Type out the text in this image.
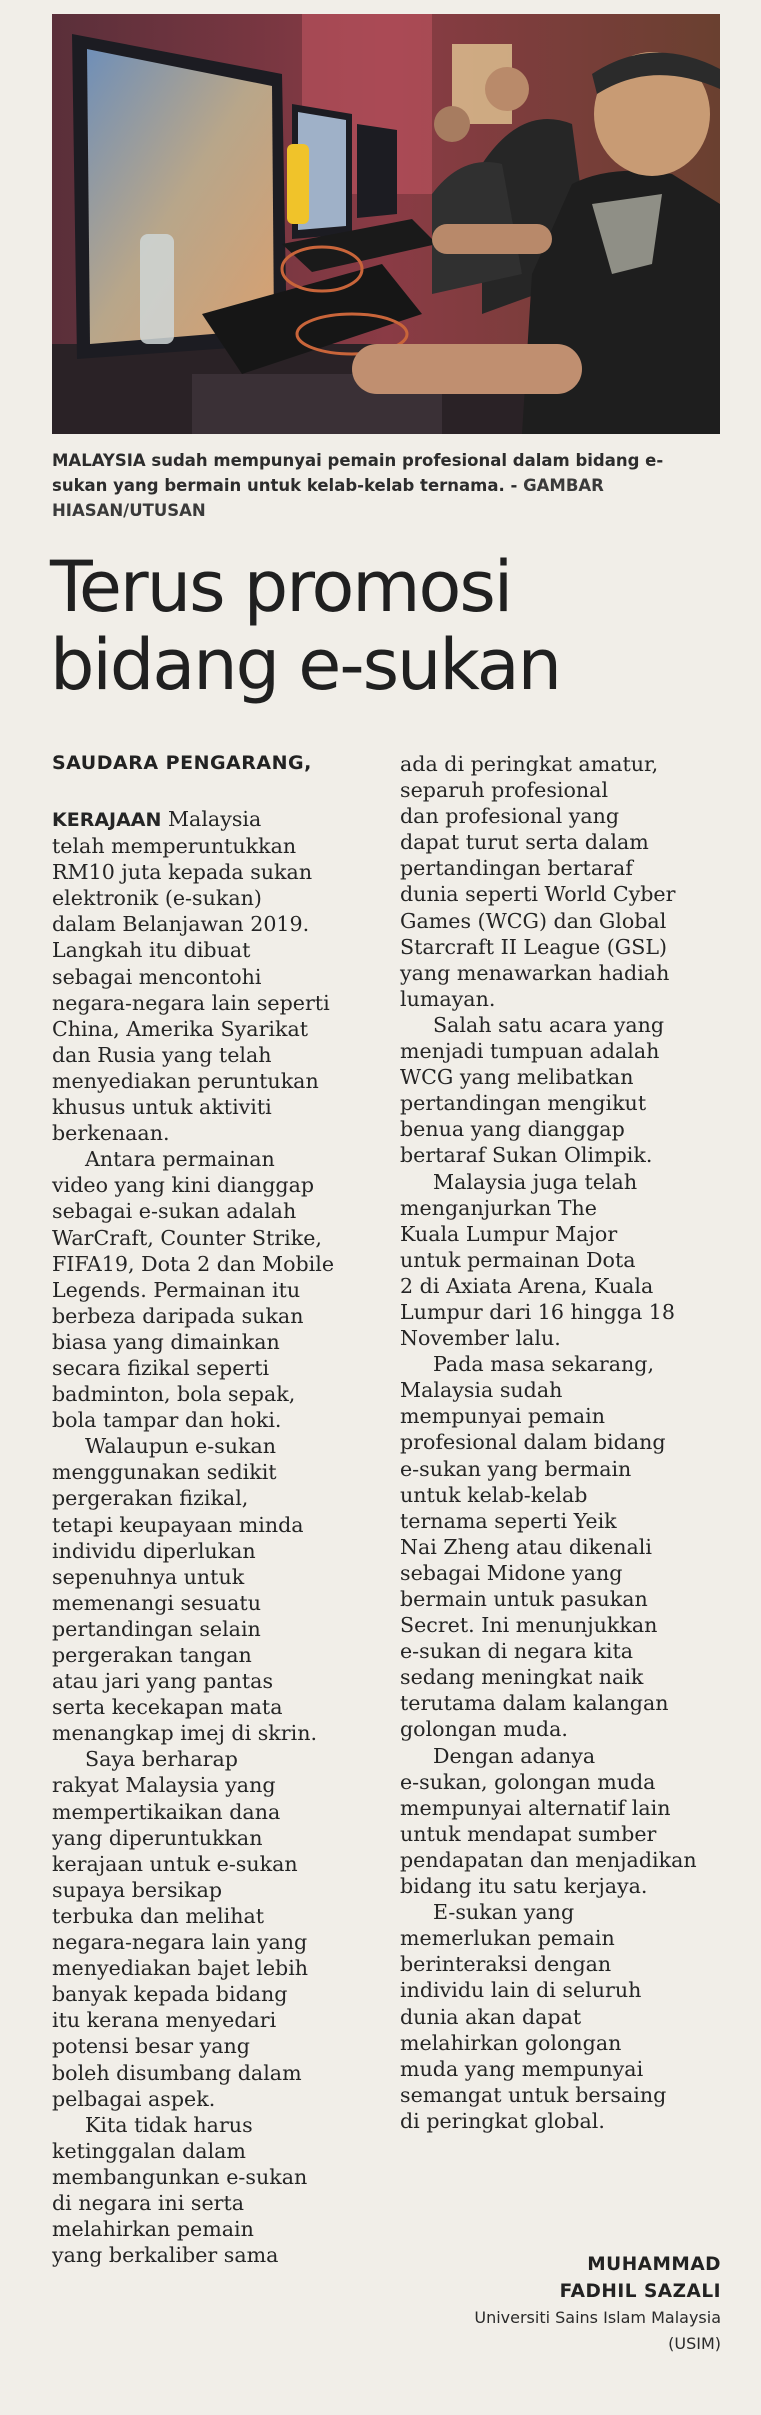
MALAYSIA sudah mempunyai pemain profesional dalam bidang e-sukan yang bermain untuk kelab-kelab ternama. - GAMBAR HIASAN/UTUSAN
Terus promosi
bidang e-sukan
SAUDARA PENGARANG,

KERAJAAN Malaysia
telah memperuntukkan
RM10 juta kepada sukan
elektronik (e-sukan)
dalam Belanjawan 2019.
Langkah itu dibuat
sebagai mencontohi
negara-negara lain seperti
China, Amerika Syarikat
dan Rusia yang telah
menyediakan peruntukan
khusus untuk aktiviti
berkenaan.

Antara permainan
video yang kini dianggap
sebagai e-sukan adalah
WarCraft, Counter Strike,
FIFA19, Dota 2 dan Mobile
Legends. Permainan itu
berbeza daripada sukan
biasa yang dimainkan
secara fizikal seperti
badminton, bola sepak,
bola tampar dan hoki.

Walaupun e-sukan
menggunakan sedikit
pergerakan fizikal,
tetapi keupayaan minda
individu diperlukan
sepenuhnya untuk
memenangi sesuatu
pertandingan selain
pergerakan tangan
atau jari yang pantas
serta kecekapan mata
menangkap imej di skrin.

Saya berharap
rakyat Malaysia yang
mempertikaikan dana
yang diperuntukkan
kerajaan untuk e-sukan
supaya bersikap
terbuka dan melihat
negara-negara lain yang
menyediakan bajet lebih
banyak kepada bidang
itu kerana menyedari
potensi besar yang
boleh disumbang dalam
pelbagai aspek.

Kita tidak harus
ketinggalan dalam
membangunkan e-sukan
di negara ini serta
melahirkan pemain
yang berkaliber sama

ada di peringkat amatur,
separuh profesional
dan profesional yang
dapat turut serta dalam
pertandingan bertaraf
dunia seperti World Cyber
Games (WCG) dan Global
Starcraft II League (GSL)
yang menawarkan hadiah
lumayan.

Salah satu acara yang
menjadi tumpuan adalah
WCG yang melibatkan
pertandingan mengikut
benua yang dianggap
bertaraf Sukan Olimpik.

Malaysia juga telah
menganjurkan The
Kuala Lumpur Major
untuk permainan Dota
2 di Axiata Arena, Kuala
Lumpur dari 16 hingga 18
November lalu.

Pada masa sekarang,
Malaysia sudah
mempunyai pemain
profesional dalam bidang
e-sukan yang bermain
untuk kelab-kelab
ternama seperti Yeik
Nai Zheng atau dikenali
sebagai Midone yang
bermain untuk pasukan
Secret. Ini menunjukkan
e-sukan di negara kita
sedang meningkat naik
terutama dalam kalangan
golongan muda.

Dengan adanya
e-sukan, golongan muda
mempunyai alternatif lain
untuk mendapat sumber
pendapatan dan menjadikan
bidang itu satu kerjaya.

E-sukan yang
memerlukan pemain
berinteraksi dengan
individu lain di seluruh
dunia akan dapat
melahirkan golongan
muda yang mempunyai
semangat untuk bersaing
di peringkat global.

MUHAMMAD
FADHIL SAZALI
Universiti Sains Islam Malaysia
(USIM)
